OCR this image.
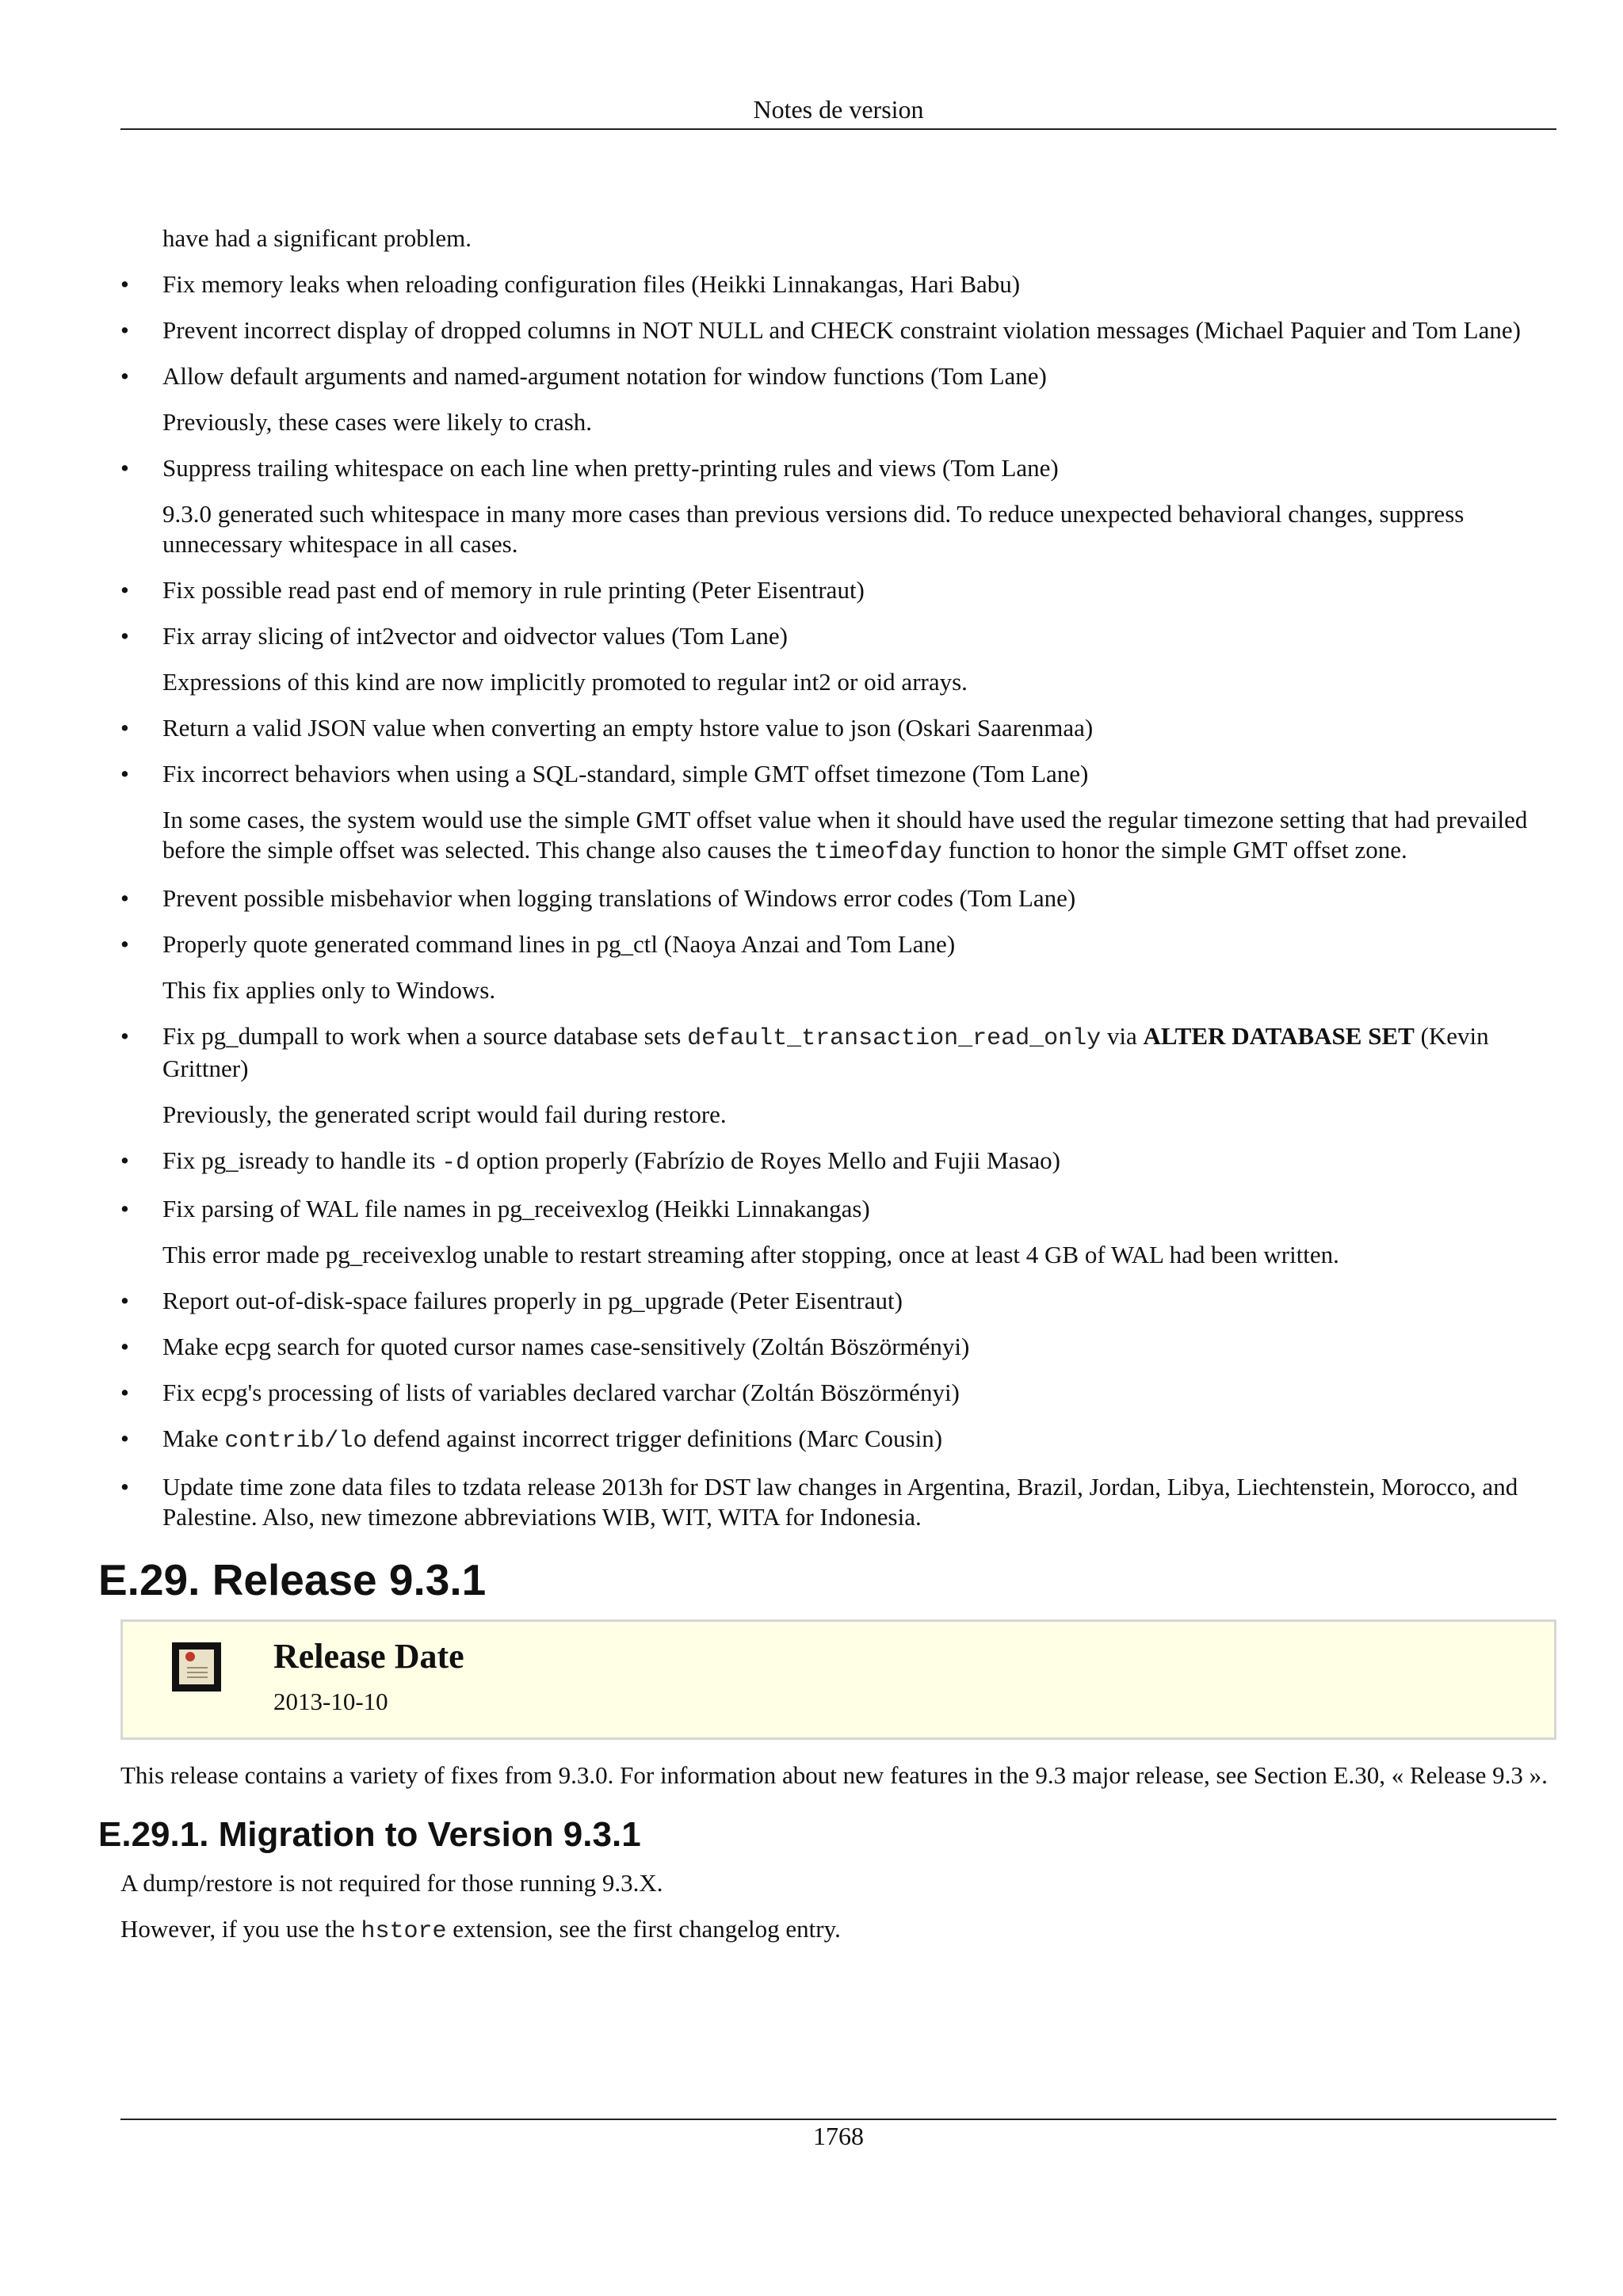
Notes de version

have had a significant problem.

•	Fix memory leaks when reloading configuration files (Heikki Linnakangas, Hari Babu)
•	Prevent incorrect display of dropped columns in NOT NULL and CHECK constraint violation messages (Michael Paquier and Tom Lane)
•	Allow default arguments and named-argument notation for window functions (Tom Lane)

Previously, these cases were likely to crash.

•	Suppress trailing whitespace on each line when pretty-printing rules and views (Tom Lane)

9.3.0 generated such whitespace in many more cases than previous versions did. To reduce unexpected behavioral changes, suppress unnecessary whitespace in all cases.

•	Fix possible read past end of memory in rule printing (Peter Eisentraut)
•	Fix array slicing of int2vector and oidvector values (Tom Lane)

Expressions of this kind are now implicitly promoted to regular int2 or oid arrays.

•	Return a valid JSON value when converting an empty hstore value to json (Oskari Saarenmaa)
•	Fix incorrect behaviors when using a SQL-standard, simple GMT offset timezone (Tom Lane)

In some cases, the system would use the simple GMT offset value when it should have used the regular timezone setting that had prevailed before the simple offset was selected. This change also causes the timeofday function to honor the simple GMT offset zone.

•	Prevent possible misbehavior when logging translations of Windows error codes (Tom Lane)
•	Properly quote generated command lines in pg_ctl (Naoya Anzai and Tom Lane)

This fix applies only to Windows.

•	Fix pg_dumpall to work when a source database sets default_transaction_read_only via ALTER DATABASE SET (Kevin Grittner)

Previously, the generated script would fail during restore.

•	Fix pg_isready to handle its -d option properly (Fabrízio de Royes Mello and Fujii Masao)
•	Fix parsing of WAL file names in pg_receivexlog (Heikki Linnakangas)

This error made pg_receivexlog unable to restart streaming after stopping, once at least 4 GB of WAL had been written.

•	Report out-of-disk-space failures properly in pg_upgrade (Peter Eisentraut)
•	Make ecpg search for quoted cursor names case-sensitively (Zoltán Böszörményi)
•	Fix ecpg's processing of lists of variables declared varchar (Zoltán Böszörményi)
•	Make contrib/lo defend against incorrect trigger definitions (Marc Cousin)
•	Update time zone data files to tzdata release 2013h for DST law changes in Argentina, Brazil, Jordan, Libya, Liechtenstein, Morocco, and Palestine. Also, new timezone abbreviations WIB, WIT, WITA for Indonesia.
E.29. Release 9.3.1
Release Date
2013-10-10

This release contains a variety of fixes from 9.3.0. For information about new features in the 9.3 major release, see Section E.30, « Release 9.3 ».

E.29.1. Migration to Version 9.3.1

A dump/restore is not required for those running 9.3.X.

However, if you use the hstore extension, see the first changelog entry.

1768
